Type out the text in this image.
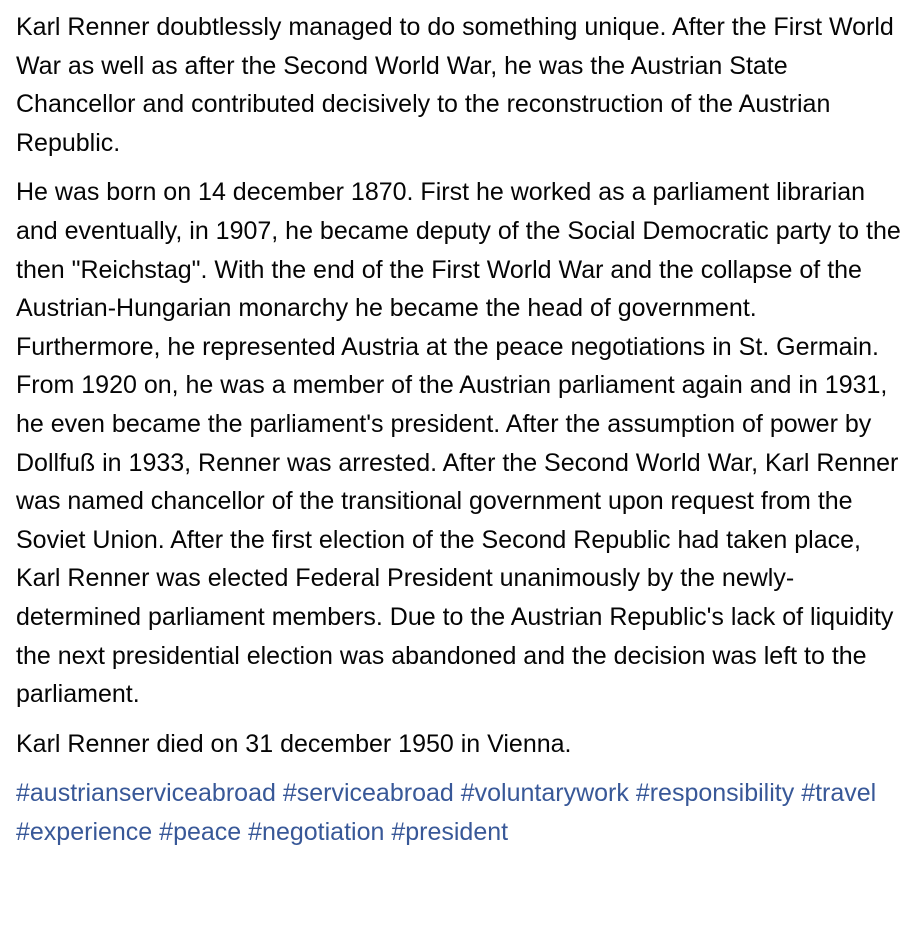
Karl Renner doubtlessly managed to do something unique. After the First World War as well as after the Second World War, he was the Austrian State Chancellor and contributed decisively to the reconstruction of the Austrian Republic.

He was born on 14 december 1870. First he worked as a parliament librarian and eventually, in 1907, he became deputy of the Social Democratic party to the then "Reichstag". With the end of the First World War and the collapse of the Austrian-Hungarian monarchy he became the head of government. Furthermore, he represented Austria at the peace negotiations in St. Germain. From 1920 on, he was a member of the Austrian parliament again and in 1931, he even became the parliament's president. After the assumption of power by Dollfuß in 1933, Renner was arrested. After the Second World War, Karl Renner was named chancellor of the transitional government upon request from the Soviet Union. After the first election of the Second Republic had taken place, Karl Renner was elected Federal President unanimously by the newly-determined parliament members. Due to the Austrian Republic's lack of liquidity the next presidential election was abandoned and the decision was left to the parliament.

Karl Renner died on 31 december 1950 in Vienna.

#austrianserviceabroad #serviceabroad #voluntarywork #responsibility #travel #experience #peace #negotiation #president
